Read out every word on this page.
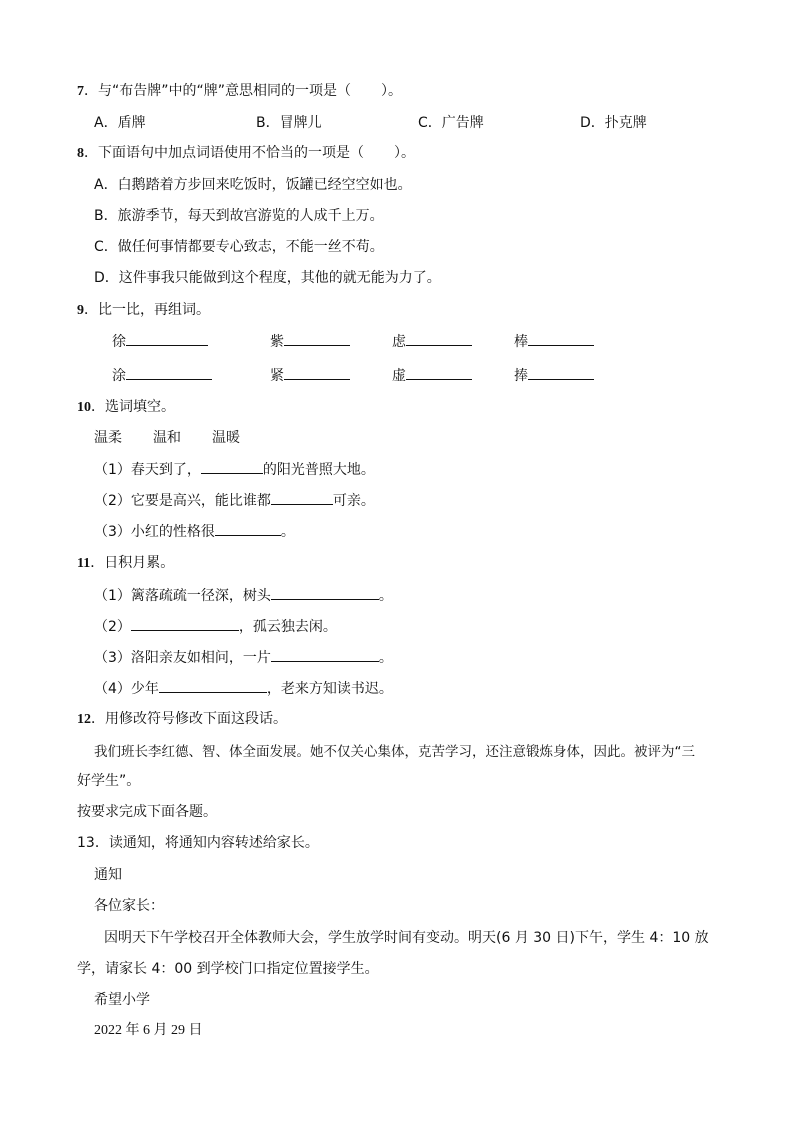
7．与“布告牌”中的“牌”意思相同的一项是（ ）。
A．盾牌	B．冒牌儿	C．广告牌	D．扑克牌
8．下面语句中加点词语使用不恰当的一项是（ ）。
A．白鹅踏着方步回来吃饭时，饭罐已经空空如也。
B．旅游季节，每天到故宫游览的人成千上万。
C．做任何事情都要专心致志，不能一丝不苟。
D．这件事我只能做到这个程度，其他的就无能为力了。
9．比一比，再组词。
徐	紫	虑	棒
涂	紧	虚	捧
10．选词填空。
温柔 温和 温暖
（1）春天到了，	的阳光普照大地。
（2）它要是高兴，能比谁都	可亲。
（3）小红的性格很	。
11．日积月累。
（1）篱落疏疏一径深，树头	。
（2）	，孤云独去闲。
（3）洛阳亲友如相问，一片	。
（4）少年	，老来方知读书迟。
12．用修改符号修改下面这段话。
我们班长李红德、智、体全面发展。她不仅关心集体，克苦学习，还注意锻炼身体，因此。被评为“三
好学生”。
按要求完成下面各题。
13．读通知，将通知内容转述给家长。
通知
各位家长：
因明天下午学校召开全体教师大会，学生放学时间有变动。明天(6 月 30 日)下午，学生 4：10 放
学，请家长 4：00 到学校门口指定位置接学生。
希望小学
2022 年 6 月 29 日
